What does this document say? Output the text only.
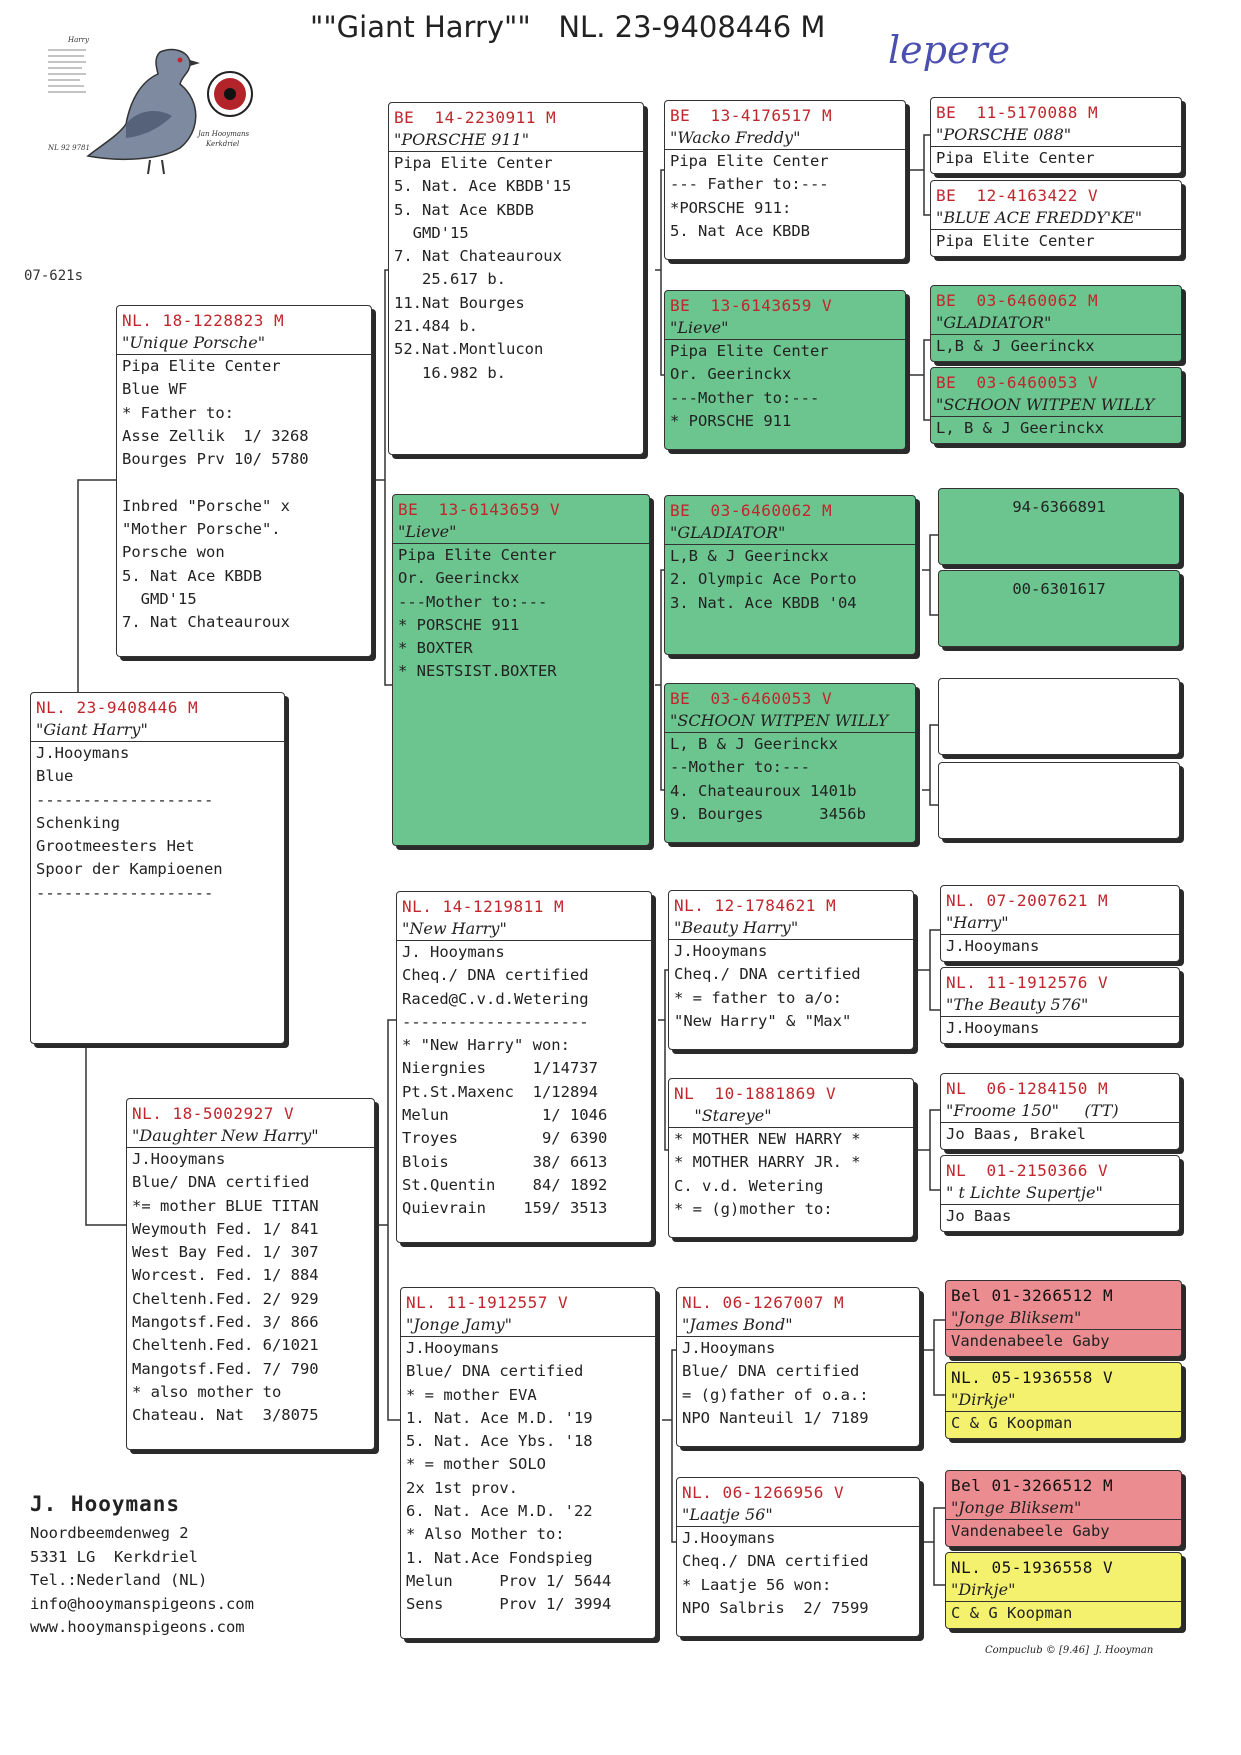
""Giant Harry""   NL. 23-9408446 M
lepere
Harry
Jan Hooymans
Kerkdriel
NL 92 9781
07-621s
NL. 23-9408446 M
"Giant Harry"
J.Hooymans
Blue
-------------------
Schenking
Grootmeesters Het
Spoor der Kampioenen
-------------------
NL. 18-1228823 M
"Unique Porsche"
Pipa Elite Center
Blue WF
* Father to:
Asse Zellik  1/ 3268
Bourges Prv 10/ 5780

Inbred "Porsche" x
"Mother Porsche".
Porsche won
5. Nat Ace KBDB
GMD'15
7. Nat Chateauroux
NL. 18-5002927 V
"Daughter New Harry"
J.Hooymans
Blue/ DNA certified
*= mother BLUE TITAN
Weymouth Fed. 1/ 841
West Bay Fed. 1/ 307
Worcest. Fed. 1/ 884
Cheltenh.Fed. 2/ 929
Mangotsf.Fed. 3/ 866
Cheltenh.Fed. 6/1021
Mangotsf.Fed. 7/ 790
* also mother to
Chateau. Nat  3/8075
BE  14-2230911 M
"PORSCHE 911"
Pipa Elite Center
5. Nat. Ace KBDB'15
5. Nat Ace KBDB
GMD'15
7. Nat Chateauroux
25.617 b.
11.Nat Bourges
21.484 b.
52.Nat.Montlucon
16.982 b.
BE  13-6143659 V
"Lieve"
Pipa Elite Center
Or. Geerinckx
---Mother to:---
* PORSCHE 911
* BOXTER
* NESTSIST.BOXTER
NL. 14-1219811 M
"New Harry"
J. Hooymans
Cheq./ DNA certified
Raced@C.v.d.Wetering
--------------------
* "New Harry" won:
Niergnies     1/14737
Pt.St.Maxenc  1/12894
Melun          1/ 1046
Troyes         9/ 6390
Blois         38/ 6613
St.Quentin    84/ 1892
Quievrain    159/ 3513
NL. 11-1912557 V
"Jonge Jamy"
J.Hooymans
Blue/ DNA certified
* = mother EVA
1. Nat. Ace M.D. '19
5. Nat. Ace Ybs. '18
* = mother SOLO
2x 1st prov.
6. Nat. Ace M.D. '22
* Also Mother to:
1. Nat.Ace Fondspieg
Melun     Prov 1/ 5644
Sens      Prov 1/ 3994
BE  13-4176517 M
"Wacko Freddy"
Pipa Elite Center
--- Father to:---
*PORSCHE 911:
5. Nat Ace KBDB
BE  13-6143659 V
"Lieve"
Pipa Elite Center
Or. Geerinckx
---Mother to:---
* PORSCHE 911
BE  03-6460062 M
"GLADIATOR"
L,B & J Geerinckx
2. Olympic Ace Porto
3. Nat. Ace KBDB '04
BE  03-6460053 V
"SCHOON WITPEN WILLY
L, B & J Geerinckx
--Mother to:---
4. Chateauroux 1401b
9. Bourges      3456b
NL. 12-1784621 M
"Beauty Harry"
J.Hooymans
Cheq./ DNA certified
* = father to a/o:
"New Harry" & "Max"
NL  10-1881869 V
"Stareye"
* MOTHER NEW HARRY *
* MOTHER HARRY JR. *
C. v.d. Wetering
* = (g)mother to:
NL. 06-1267007 M
"James Bond"
J.Hooymans
Blue/ DNA certified
= (g)father of o.a.:
NPO Nanteuil 1/ 7189
NL. 06-1266956 V
"Laatje 56"
J.Hooymans
Cheq./ DNA certified
* Laatje 56 won:
NPO Salbris  2/ 7599
BE  11-5170088 M
"PORSCHE 088"
Pipa Elite Center
BE  12-4163422 V
"BLUE ACE FREDDY'KE"
Pipa Elite Center
BE  03-6460062 M
"GLADIATOR"
L,B & J Geerinckx
BE  03-6460053 V
"SCHOON WITPEN WILLY
L, B & J Geerinckx
94-6366891
00-6301617
NL. 07-2007621 M
"Harry"
J.Hooymans
NL. 11-1912576 V
"The Beauty 576"
J.Hooymans
NL  06-1284150 M
"Froome 150"     (TT)
Jo Baas, Brakel
NL  01-2150366 V
" t Lichte Supertje"
Jo Baas
Bel 01-3266512 M
"Jonge Bliksem"
Vandenabeele Gaby
NL. 05-1936558 V
"Dirkje"
C & G Koopman
Bel 01-3266512 M
"Jonge Bliksem"
Vandenabeele Gaby
NL. 05-1936558 V
"Dirkje"
C & G Koopman
J. Hooymans
Noordbeemdenweg 2
5331 LG  Kerkdriel
Tel.:Nederland (NL)
info@hooymanspigeons.com
www.hooymanspigeons.com
Compuclub © [9.46]  J. Hooyman
